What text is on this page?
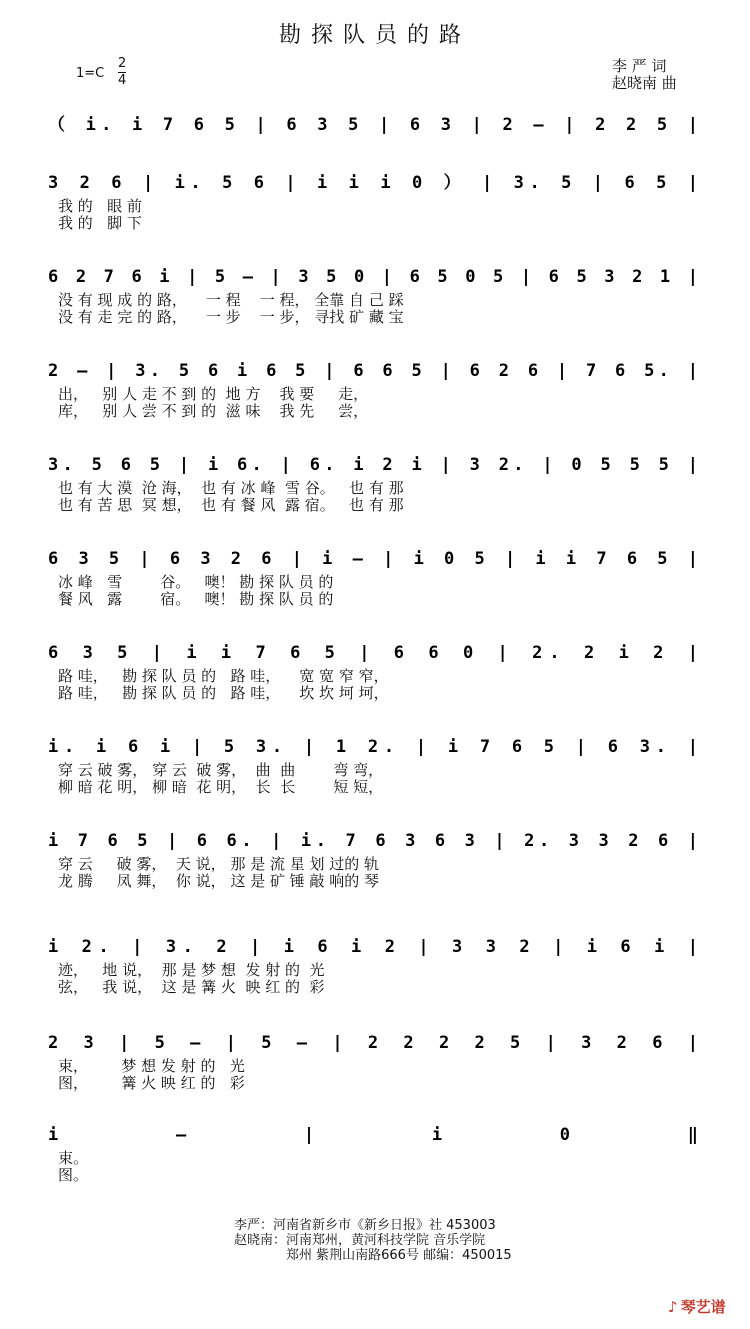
勘探队员的路
$1=C \frac{2}{4}$	李 严 词
赵晓南 曲
（ i. i 7 6 5 | 6 3 5 | 6 3 | 2 – | 2 2 5 |
3 2 6 | i. 5 6 | i i i 0 ） | 3. 5 | 6 5 |
6 2 7 6 i | 5 – | 3 5 0 | 6 5 0 5 | 6 5 3 2 1 |
2 – | 3. 5 6 i 6 5 | 6 6 5 | 6 2 6 | 7 6 5. |
3. 5 6 5 | i 6. | 6. i 2 i | 3 2. | 0 5 5 5 |
6 3 5 | 6 3 2 6 | i – | i 0 5 | i i 7 6 5 |
6 3 5 | i i 7 6 5 | 6 6 0 | 2. 2 i 2 |
i. i 6 i | 5 3. | 1 2. | i 7 6 5 | 6 3. |
i 7 6 5 | 6 6. | i. 7 6 3 6 3 | 2. 3 3 2 6 |
i 2. | 3. 2 | i 6 i 2 | 3 3 2 | i 6 i |
2 3 | 5 – | 5 – | 2 2 2 2 5 | 3 2 6 |
i – | i 0 ‖
我 的   眼 前
我 的   脚 下
没 有 现 成 的 路，    一 程    一 程， 全靠 自 己 踩
没 有 走 完 的 路，    一 步    一 步， 寻找 矿 藏 宝
出，   别 人 走 不 到 的  地 方    我 要     走，
库，   别 人 尝 不 到 的  滋 味    我 先     尝，
也 有 大 漠  沧 海，  也 有 冰 峰  雪 谷。   也 有 那
也 有 苦 思  冥 想，  也 有 餐 风  露 宿。   也 有 那
冰 峰   雪        谷。   噢！ 勘 探 队 员 的
餐 风   露        宿。   噢！ 勘 探 队 员 的
路 哇，   勘 探 队 员 的   路 哇，    宽 宽 窄 窄，
路 哇，   勘 探 队 员 的   路 哇，    坎 坎 坷 坷，
穿 云 破 雾， 穿 云  破 雾，  曲  曲        弯 弯，
柳 暗 花 明， 柳 暗  花 明，  长  长        短 短，
穿 云     破 雾，  天 说， 那 是 流 星 划 过的 轨
龙 腾     凤 舞，  你 说， 这 是 矿 锤 敲 响的 琴
迹，   地 说，  那 是 梦 想  发 射 的  光
弦，   我 说，  这 是 篝 火  映 红 的  彩
束，       梦 想 发 射 的   光
图，       篝 火 映 红 的   彩
束。
图。
李严：河南省新乡市《新乡日报》社 453003
赵晓南：河南郑州，黄河科技学院 音乐学院
郑州 紫荆山南路666号 邮编：450015
♪ 琴艺谱
